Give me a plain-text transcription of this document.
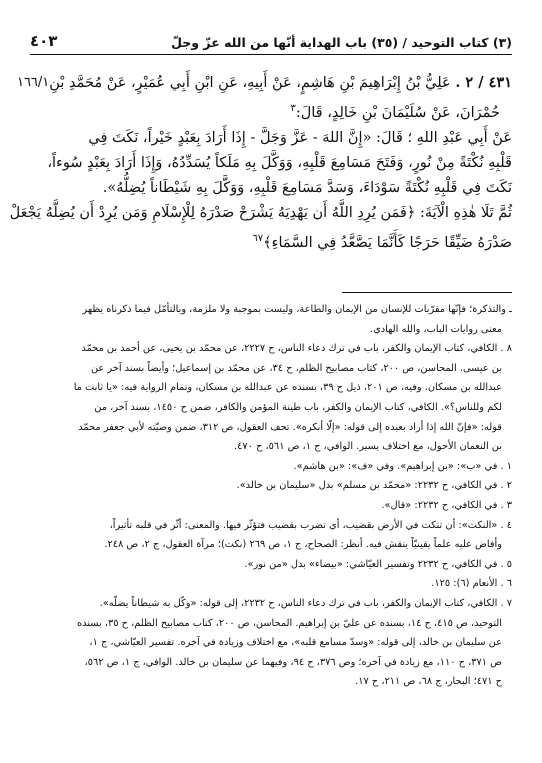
(٣) كتاب التوحيد / (٣٥) باب الهداية أنّها من الله عزّ وجلّ
٤٠٣
٤٣١ / ٢ . عَلِيُّ بْنُ إِبْرَاهِيمَ بْنِ هَاشِمٍ، عَنْ أَبِيهِ، عَنِ ابْنِ أَبِي عُمَيْرٍ، عَنْ مُحَمَّدِ بْنِ
١٦٦/١
حُمْرَانَ، عَنْ سُلَيْمَانَ بْنِ خَالِدٍ، قَالَ:$^٣$
عَنْ أَبِي عَبْدِ اللهِ ؛ قَالَ: «إِنَّ اللهَ - عَزَّ وَجَلَّ - إِذَا أَرَادَ بِعَبْدٍ خَيْراً، نَكَتَ فِي
قَلْبِهِ نُكْتَةً مِنْ نُورٍ، وَفَتَحَ مَسَامِعَ قَلْبِهِ، وَوَكَّلَ بِهِ مَلَكاً يُسَدِّدُهُ، وَإِذَا أَرَادَ بِعَبْدٍ سُوءاً،
نَكَتَ فِي قَلْبِهِ نُكْتَةً سَوْدَاءَ، وَسَدَّ مَسَامِعَ قَلْبِهِ، وَوَكَّلَ بِهِ شَيْطَاناً يُضِلُّهُ».
ثُمَّ تَلَا هٰذِهِ الْآيَةَ: ﴿فَمَن يُرِدِ اللَّهُ أَن يَهْدِيَهُ يَشْرَحْ صَدْرَهُ لِلْإِسْلَامِ وَمَن يُرِدْ أَن يُضِلَّهُ يَجْعَلْ
صَدْرَهُ ضَيِّقًا حَرَجًا كَأَنَّمَا يَصَّعَّدُ فِي السَّمَاءِ﴾$^{٦٧}$
ـ والتذكرة؛ فإنّها مقرّبات للإنسان من الإيمان والطاعة، وليست بموجبة ولا ملزمة، وبالتأمّل فيما ذكرناه يظهر
معنى روايات الباب، والله الهادي.
٨ . الكافي، كتاب الإيمان والكفر، باب في ترك دعاء الناس، ح ٢٢٢٧، عن محمّد بن يحيى، عن أحمد بن محمّد
بن عيسى. المحاسن، ص ٢٠٠، كتاب مصابيح الظلم، ح ٣٤، عن محمّد بن إسماعيل؛ وأيضاً بسند آخر عن
عبدالله بن مسكان. وفيه، ص ٢٠١، ذيل ح ٣٩، بسنده عن عبدالله بن مسكان، وتمام الرواية فيه: «يا ثابت ما
لكم وللناس؟». الكافي، كتاب الإيمان والكفر، باب طينة المؤمن والكافر، ضمن ح ١٤٥٠، بسند آخر، من
قوله: «فإنّ الله إذا أراد بعبده إلى قوله: «إلّا أنكره». تحف العقول، ص ٣١٢، ضمن وصيّته لأبي جعفر محمّد
بن النعمان الأحول، مع اختلاف يسير. الوافي، ج ١، ص ٥٦١، ح ٤٧٠.
١ . في «ب»: «بن إبراهيم». وفي «ف»: «بن هاشم».
٢ . في الكافي، ح ٢٢٣٢: «محمّد بن مسلم» بدل «سليمان بن خالد».
٣ . في الكافي، ح ٢٢٣٢: «قال».
٤ . «النكت»: أن تنكت في الأرض بقضيب، أي تضرب بقضيب فتؤثّر فيها. والمعنى: أثّر في قلبه تأثيراً،
وأفاض عليه علماً يقينيّاً ينقش فيه. أنظر: الصحاح، ج ١، ص ٢٦٩ (نكت)؛ مرآة العقول، ج ٢، ص ٢٤٨.
٥ . في الكافي، ح ٢٢٣٢ وتفسير العيّاشي: «بيضاء» بدل «من نور».
٦ . الأنعام (٦): ١٢٥.
٧ . الكافي، كتاب الإيمان والكفر، باب في ترك دعاء الناس، ح ٢٢٣٢، إلى قوله: «وكّل به شيطاناً يضلّه».
التوحيد، ص ٤١٥، ح ١٤، بسنده عن عليّ بن إبراهيم. المحاسن، ص ٢٠٠، كتاب مصابيح الظلم، ح ٣٥، بسنده
عن سليمان بن خالد، إلى قوله: «وسدّ مسامع قلبه»، مع اختلاف وزيادة في آخره. تفسير العيّاشي، ج ١،
ص ٣٧١، ح ١١٠، مع زيادة في آخره؛ وص ٣٧٦، ح ٩٤، وفيهما عن سليمان بن خالد. الوافي، ج ١، ص ٥٦٢،
ح ٤٧١؛ البحار، ج ٦٨، ص ٢١١، ح ١٧.
